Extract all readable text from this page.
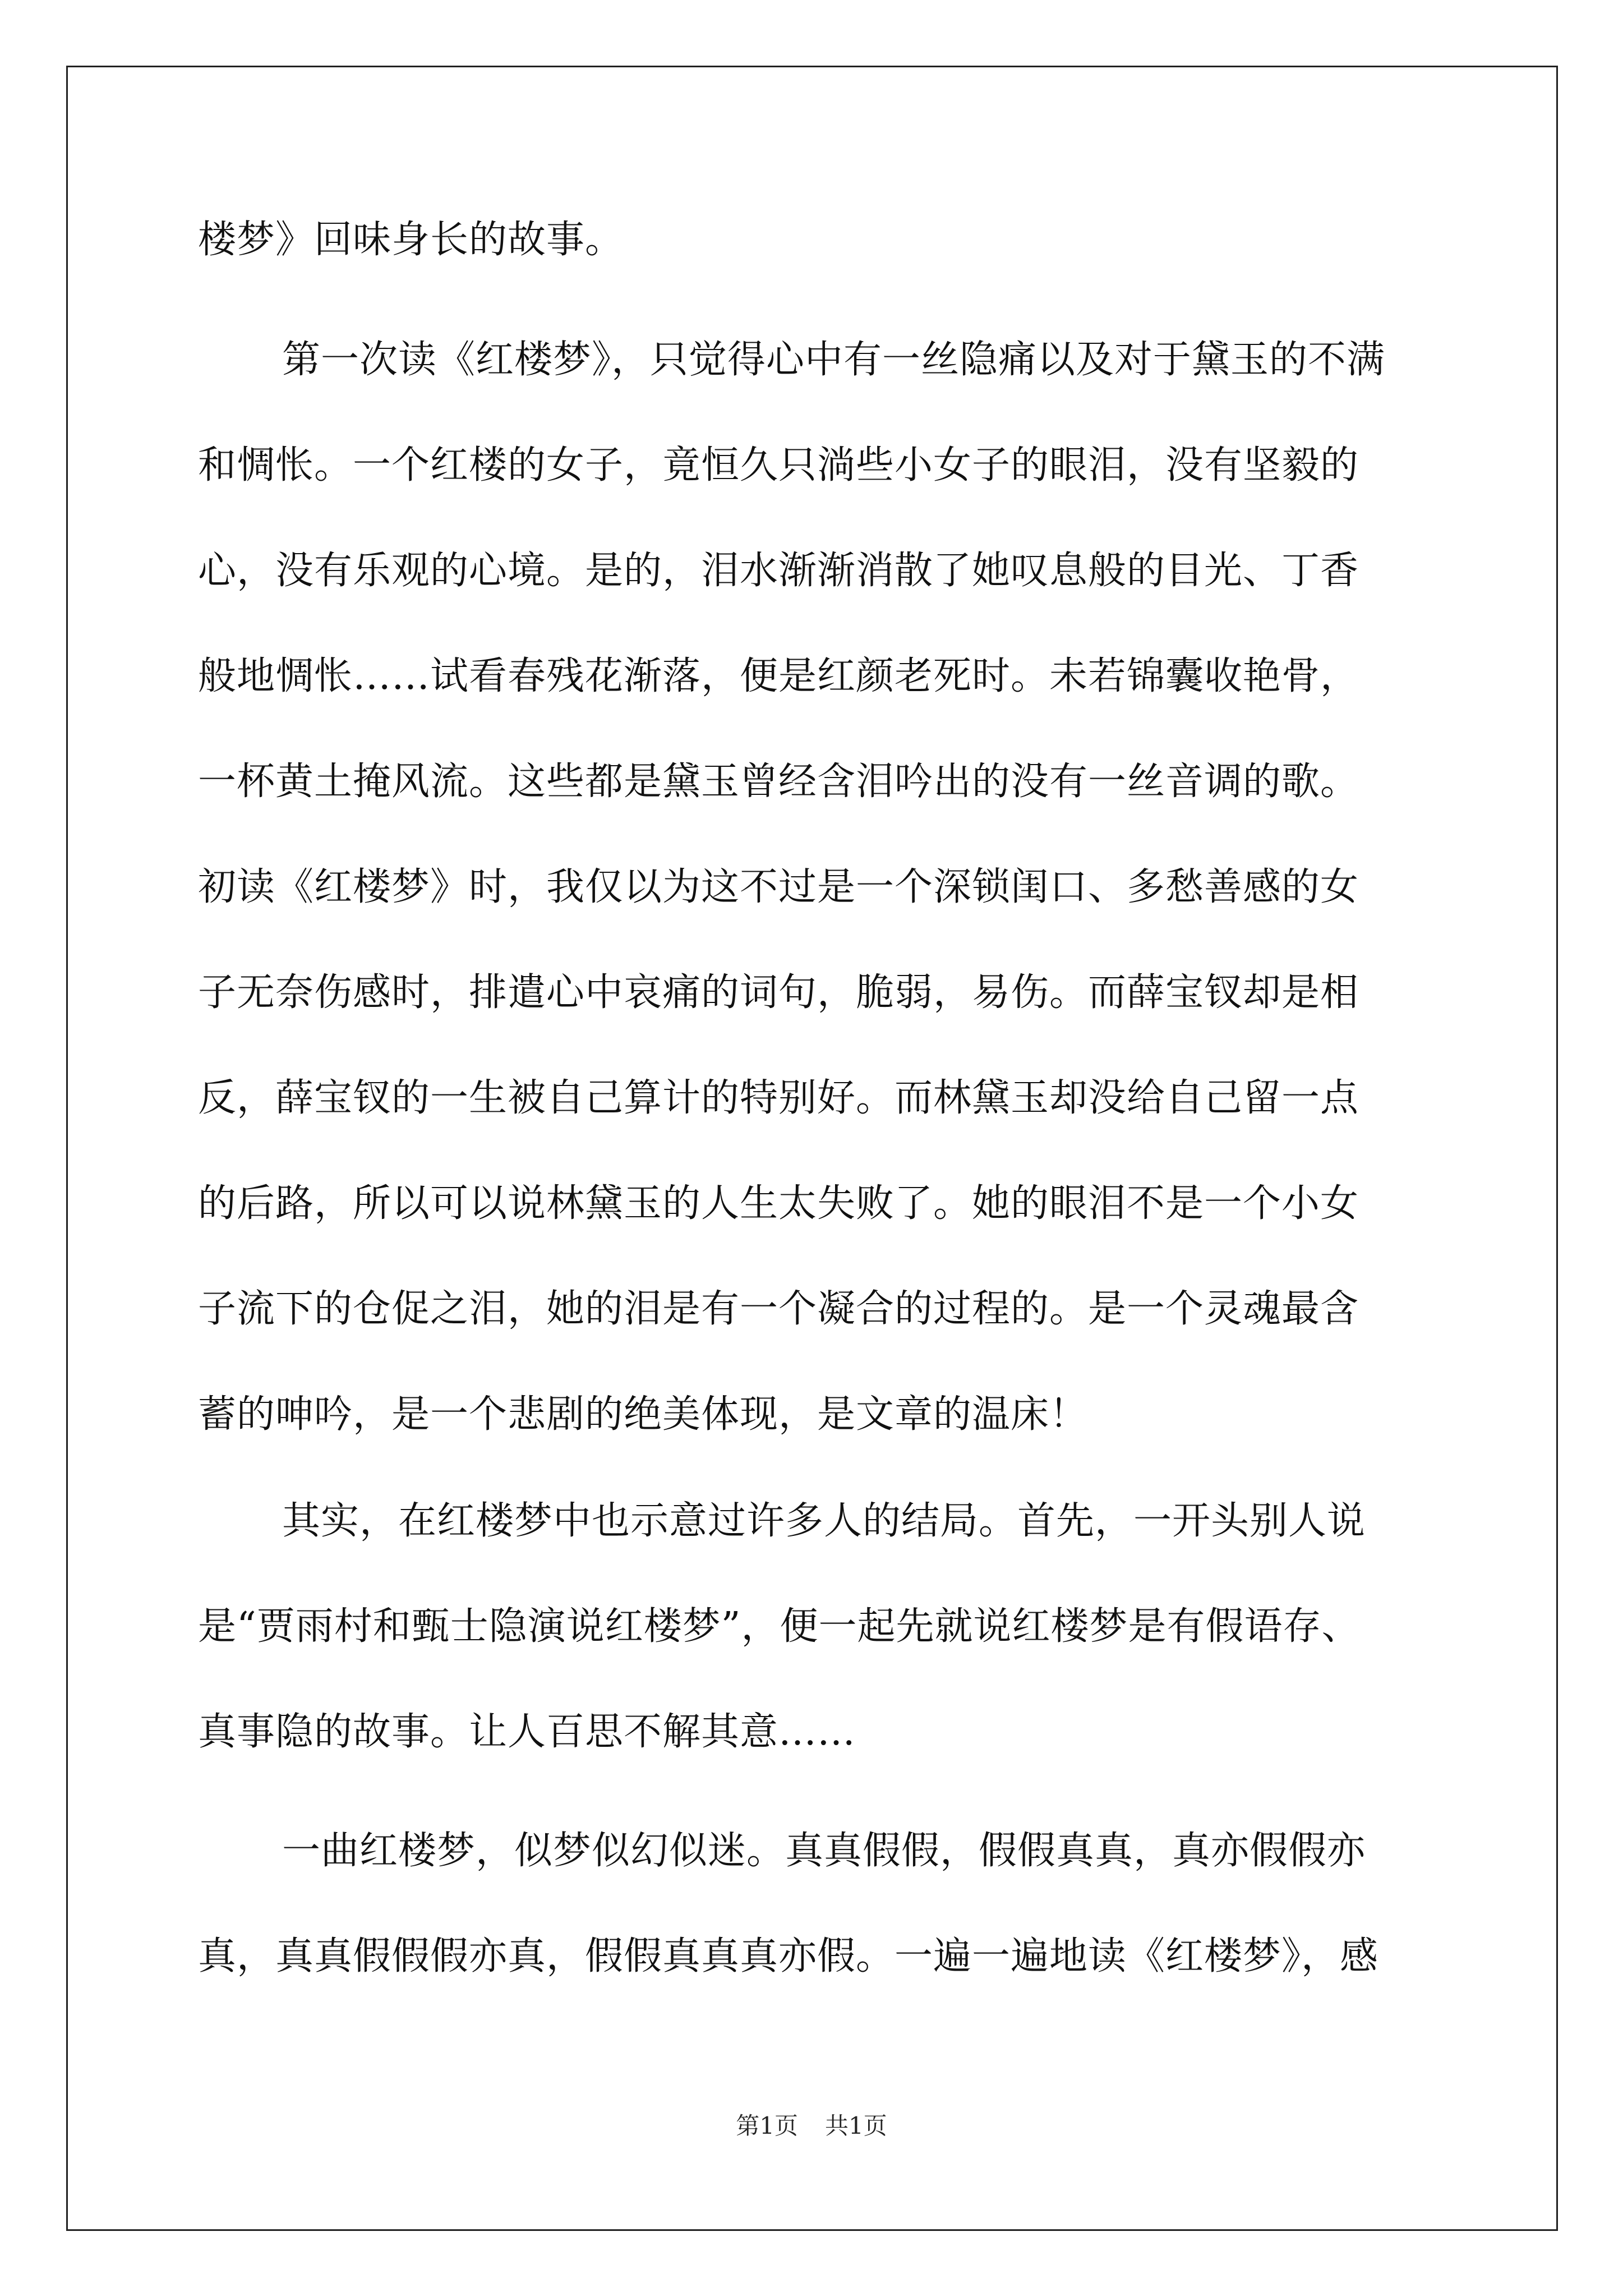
楼梦》回味身长的故事。
第一次读《红楼梦》，只觉得心中有一丝隐痛以及对于黛玉的不满
和惆怅。一个红楼的女子，竟恒久只淌些小女子的眼泪，没有坚毅的
心，没有乐观的心境。是的，泪水渐渐消散了她叹息般的目光、丁香
般地惆怅……试看春残花渐落，便是红颜老死时。未若锦囊收艳骨，
一杯黄土掩风流。这些都是黛玉曾经含泪吟出的没有一丝音调的歌。
初读《红楼梦》时，我仅以为这不过是一个深锁闺口、多愁善感的女
子无奈伤感时，排遣心中哀痛的词句，脆弱，易伤。而薛宝钗却是相
反，薛宝钗的一生被自己算计的特别好。而林黛玉却没给自己留一点
的后路，所以可以说林黛玉的人生太失败了。她的眼泪不是一个小女
子流下的仓促之泪，她的泪是有一个凝合的过程的。是一个灵魂最含
蓄的呻吟，是一个悲剧的绝美体现，是文章的温床！
其实，在红楼梦中也示意过许多人的结局。首先，一开头别人说
是“贾雨村和甄士隐演说红楼梦”，便一起先就说红楼梦是有假语存、
真事隐的故事。让人百思不解其意……
一曲红楼梦，似梦似幻似迷。真真假假，假假真真，真亦假假亦
真，真真假假假亦真，假假真真真亦假。一遍一遍地读《红楼梦》，感
第1页 共1页
